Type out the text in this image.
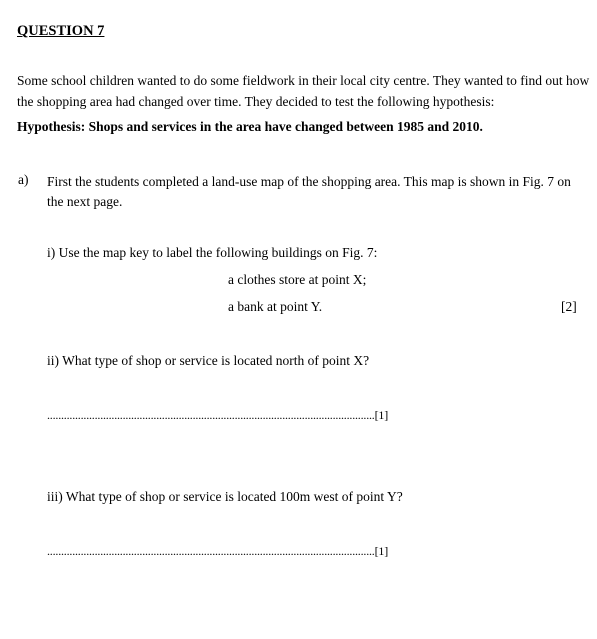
QUESTION 7
Some school children wanted to do some fieldwork in their local city centre. They wanted to find out how the shopping area had changed over time. They decided to test the following hypothesis:
Hypothesis: Shops and services in the area have changed between 1985 and 2010.
a) First the students completed a land-use map of the shopping area. This map is shown in Fig. 7 on the next page.
i) Use the map key to label the following buildings on Fig. 7:
a clothes store at point X;
a bank at point Y.	[2]
ii) What type of shop or service is located north of point X?
.....................................................................................................................[1]
iii) What type of shop or service is located 100m west of point Y?
.....................................................................................................................[1]
